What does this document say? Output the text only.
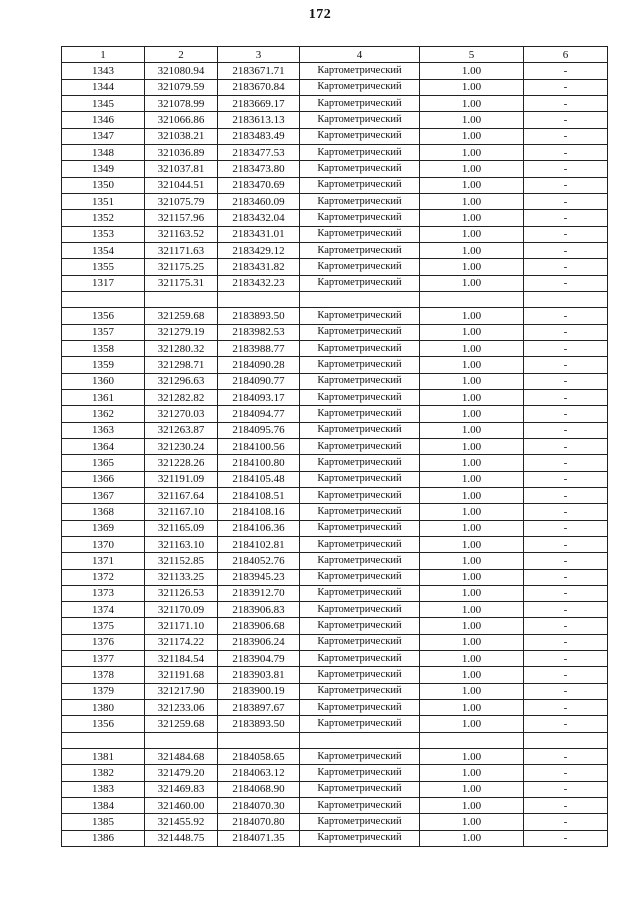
172
1	2	3	4	5	6
1343	321080.94	2183671.71	Картометрический	1.00	-
1344	321079.59	2183670.84	Картометрический	1.00	-
1345	321078.99	2183669.17	Картометрический	1.00	-
1346	321066.86	2183613.13	Картометрический	1.00	-
1347	321038.21	2183483.49	Картометрический	1.00	-
1348	321036.89	2183477.53	Картометрический	1.00	-
1349	321037.81	2183473.80	Картометрический	1.00	-
1350	321044.51	2183470.69	Картометрический	1.00	-
1351	321075.79	2183460.09	Картометрический	1.00	-
1352	321157.96	2183432.04	Картометрический	1.00	-
1353	321163.52	2183431.01	Картометрический	1.00	-
1354	321171.63	2183429.12	Картометрический	1.00	-
1355	321175.25	2183431.82	Картометрический	1.00	-
1317	321175.31	2183432.23	Картометрический	1.00	-

1356	321259.68	2183893.50	Картометрический	1.00	-
1357	321279.19	2183982.53	Картометрический	1.00	-
1358	321280.32	2183988.77	Картометрический	1.00	-
1359	321298.71	2184090.28	Картометрический	1.00	-
1360	321296.63	2184090.77	Картометрический	1.00	-
1361	321282.82	2184093.17	Картометрический	1.00	-
1362	321270.03	2184094.77	Картометрический	1.00	-
1363	321263.87	2184095.76	Картометрический	1.00	-
1364	321230.24	2184100.56	Картометрический	1.00	-
1365	321228.26	2184100.80	Картометрический	1.00	-
1366	321191.09	2184105.48	Картометрический	1.00	-
1367	321167.64	2184108.51	Картометрический	1.00	-
1368	321167.10	2184108.16	Картометрический	1.00	-
1369	321165.09	2184106.36	Картометрический	1.00	-
1370	321163.10	2184102.81	Картометрический	1.00	-
1371	321152.85	2184052.76	Картометрический	1.00	-
1372	321133.25	2183945.23	Картометрический	1.00	-
1373	321126.53	2183912.70	Картометрический	1.00	-
1374	321170.09	2183906.83	Картометрический	1.00	-
1375	321171.10	2183906.68	Картометрический	1.00	-
1376	321174.22	2183906.24	Картометрический	1.00	-
1377	321184.54	2183904.79	Картометрический	1.00	-
1378	321191.68	2183903.81	Картометрический	1.00	-
1379	321217.90	2183900.19	Картометрический	1.00	-
1380	321233.06	2183897.67	Картометрический	1.00	-
1356	321259.68	2183893.50	Картометрический	1.00	-

1381	321484.68	2184058.65	Картометрический	1.00	-
1382	321479.20	2184063.12	Картометрический	1.00	-
1383	321469.83	2184068.90	Картометрический	1.00	-
1384	321460.00	2184070.30	Картометрический	1.00	-
1385	321455.92	2184070.80	Картометрический	1.00	-
1386	321448.75	2184071.35	Картометрический	1.00	-
